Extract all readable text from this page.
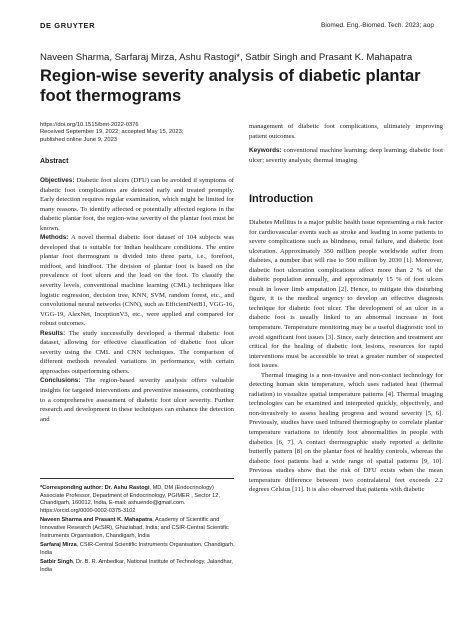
DE GRUYTER	Biomed. Eng.-Biomed. Tech. 2023; aop
Naveen Sharma, Sarfaraj Mirza, Ashu Rastogi*, Satbir Singh and Prasant K. Mahapatra
Region-wise severity analysis of diabetic plantar foot thermograms
https://doi.org/10.1515/bmt-2022-0376
Received September 19, 2022; accepted May 15, 2023;
published online June 9, 2023
Abstract

Objectives: Diabetic foot ulcers (DFU) can be avoided if symptoms of diabetic foot complications are detected early and treated promptly. Early detection requires regular examination, which might be limited for many reasons. To identify affected or potentially affected regions in the diabetic plantar foot, the region-wise severity of the plantar foot must be known.

Methods: A novel thermal diabetic foot dataset of 104 subjects was developed that is suitable for Indian healthcare conditions. The entire plantar foot thermogram is divided into three parts, i.e., forefoot, midfoot, and hindfoot. The division of plantar foot is based on the prevalence of foot ulcers and the load on the foot. To classify the severity levels, conventional machine learning (CML) techniques like logistic regression, decision tree, KNN, SVM, random forest, etc., and convolutional neural networks (CNN), such as EfficientNetB1, VGG-16, VGG-19, AlexNet, InceptionV3, etc., were applied and compared for robust outcomes.

Results: The study successfully developed a thermal diabetic foot dataset, allowing for effective classification of diabetic foot ulcer severity using the CML and CNN techniques. The comparison of different methods revealed variations in performance, with certain approaches outperforming others.

Conclusions: The region-based severity analysis offers valuable insights for targeted interventions and preventive measures, contributing to a comprehensive assessment of diabetic foot ulcer severity. Further research and development in these techniques can enhance the detection and

*Corresponding author: Dr. Ashu Rastogi, MD, DM (Endocrinology) Associate Professor, Department of Endocrinology, PGIMER , Sector 12, Chandigarh, 160012, India, E-mail: ashuendo@gmail.com. https://orcid.org/0000-0002-0375-3102

Naveen Sharma and Prasant K. Mahapatra, Academy of Scientific and Innovative Research (AcSIR), Ghaziabad, India; and CSIR-Central Scientific Instruments Organisation, Chandigarh, India

Sarfaraj Mirza, CSIR-Central Scientific Instruments Organisation, Chandigarh, India

Satbir Singh, Dr. B. R. Ambedkar, National Institute of Technology, Jalandhar, India

management of diabetic foot complications, ultimately improving patient outcomes.

Keywords: conventional machine learning; deep learning; diabetic foot ulcer; severity analysis; thermal imaging.

Introduction

Diabetes Mellitus is a major public health issue representing a risk factor for cardiovascular events such as stroke and leading in some patients to severe complications such as blindness, renal failure, and diabetic foot ulceration. Approximately 350 million people worldwide suffer from diabetes, a number that will rise to 500 million by 2030 [1]. Moreover, diabetic foot ulceration complications affect more than 2 % of the diabetic population annually, and approximately 15 % of foot ulcers result in lower limb amputation [2]. Hence, to mitigate this disturbing figure, it is the medical urgency to develop an effective diagnosis technique for diabetic foot ulcer. The development of an ulcer in a diabetic foot is usually linked to an abnormal increase in foot temperature. Temperature monitoring may be a useful diagnostic tool to avoid significant foot issues [3]. Since, early detection and treatment are critical for the healing of diabetic foot lesions, resources for rapid interventions must be accessible to treat a greater number of suspected foot issues.

Thermal imaging is a non-invasive and non-contact technology for detecting human skin temperature, which uses radiated heat (thermal radiation) to visualize spatial temperature patterns [4]. Thermal imaging technologies can be examined and interpreted quickly, objectively, and non-invasively to assess healing progress and wound severity [5, 6]. Previously, studies have used infrared thermography to correlate plantar temperature variations to identify foot abnormalities in people with diabetics [6, 7]. A contact thermographic study reported a definite butterfly pattern [8] on the plantar foot of healthy controls, whereas the diabetic foot patients had a wide range of spatial patterns [9, 10]. Previous studies show that the risk of DFU exists when the mean temperature difference between two contralateral feet exceeds 2.2 degrees Celsius [11]. It is also observed that patients with diabetic
